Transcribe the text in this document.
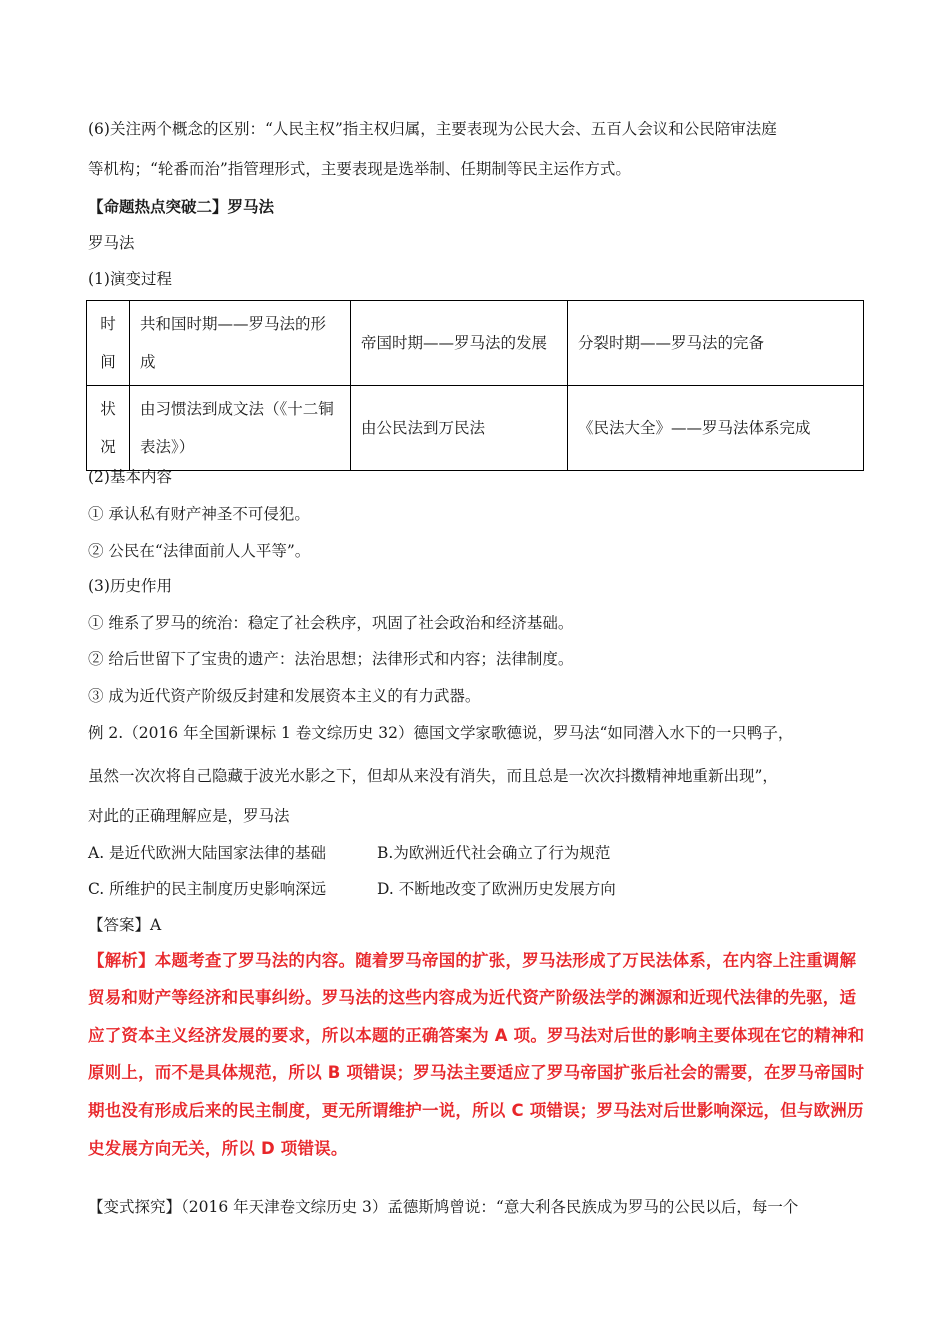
(6)关注两个概念的区别：“人民主权”指主权归属，主要表现为公民大会、五百人会议和公民陪审法庭
等机构；“轮番而治”指管理形式，主要表现是选举制、任期制等民主运作方式。
【命题热点突破二】罗马法
罗马法
(1)演变过程
时间	共和国时期——罗马法的形成	帝国时期——罗马法的发展	分裂时期——罗马法的完备
状况	由习惯法到成文法（《十二铜表法》）	由公民法到万民法	《民法大全》——罗马法体系完成
(2)基本内容
① 承认私有财产神圣不可侵犯。
② 公民在“法律面前人人平等”。
(3)历史作用
① 维系了罗马的统治：稳定了社会秩序，巩固了社会政治和经济基础。
② 给后世留下了宝贵的遗产：法治思想；法律形式和内容；法律制度。
③ 成为近代资产阶级反封建和发展资本主义的有力武器。
例 2.（2016 年全国新课标 1 卷文综历史 32）德国文学家歌德说，罗马法“如同潜入水下的一只鸭子，
虽然一次次将自己隐藏于波光水影之下，但却从来没有消失，而且总是一次次抖擞精神地重新出现”，
对此的正确理解应是，罗马法
A. 是近代欧洲大陆国家法律的基础	B.为欧洲近代社会确立了行为规范
C. 所维护的民主制度历史影响深远	D. 不断地改变了欧洲历史发展方向
【答案】A
【解析】本题考查了罗马法的内容。随着罗马帝国的扩张，罗马法形成了万民法体系，在内容上注重调解
贸易和财产等经济和民事纠纷。罗马法的这些内容成为近代资产阶级法学的渊源和近现代法律的先驱，适
应了资本主义经济发展的要求，所以本题的正确答案为 A 项。罗马法对后世的影响主要体现在它的精神和
原则上，而不是具体规范，所以 B 项错误；罗马法主要适应了罗马帝国扩张后社会的需要，在罗马帝国时
期也没有形成后来的民主制度，更无所谓维护一说，所以 C 项错误；罗马法对后世影响深远，但与欧洲历
史发展方向无关，所以 D 项错误。
【变式探究】（2016 年天津卷文综历史 3）孟德斯鸠曾说：“意大利各民族成为罗马的公民以后，每一个
